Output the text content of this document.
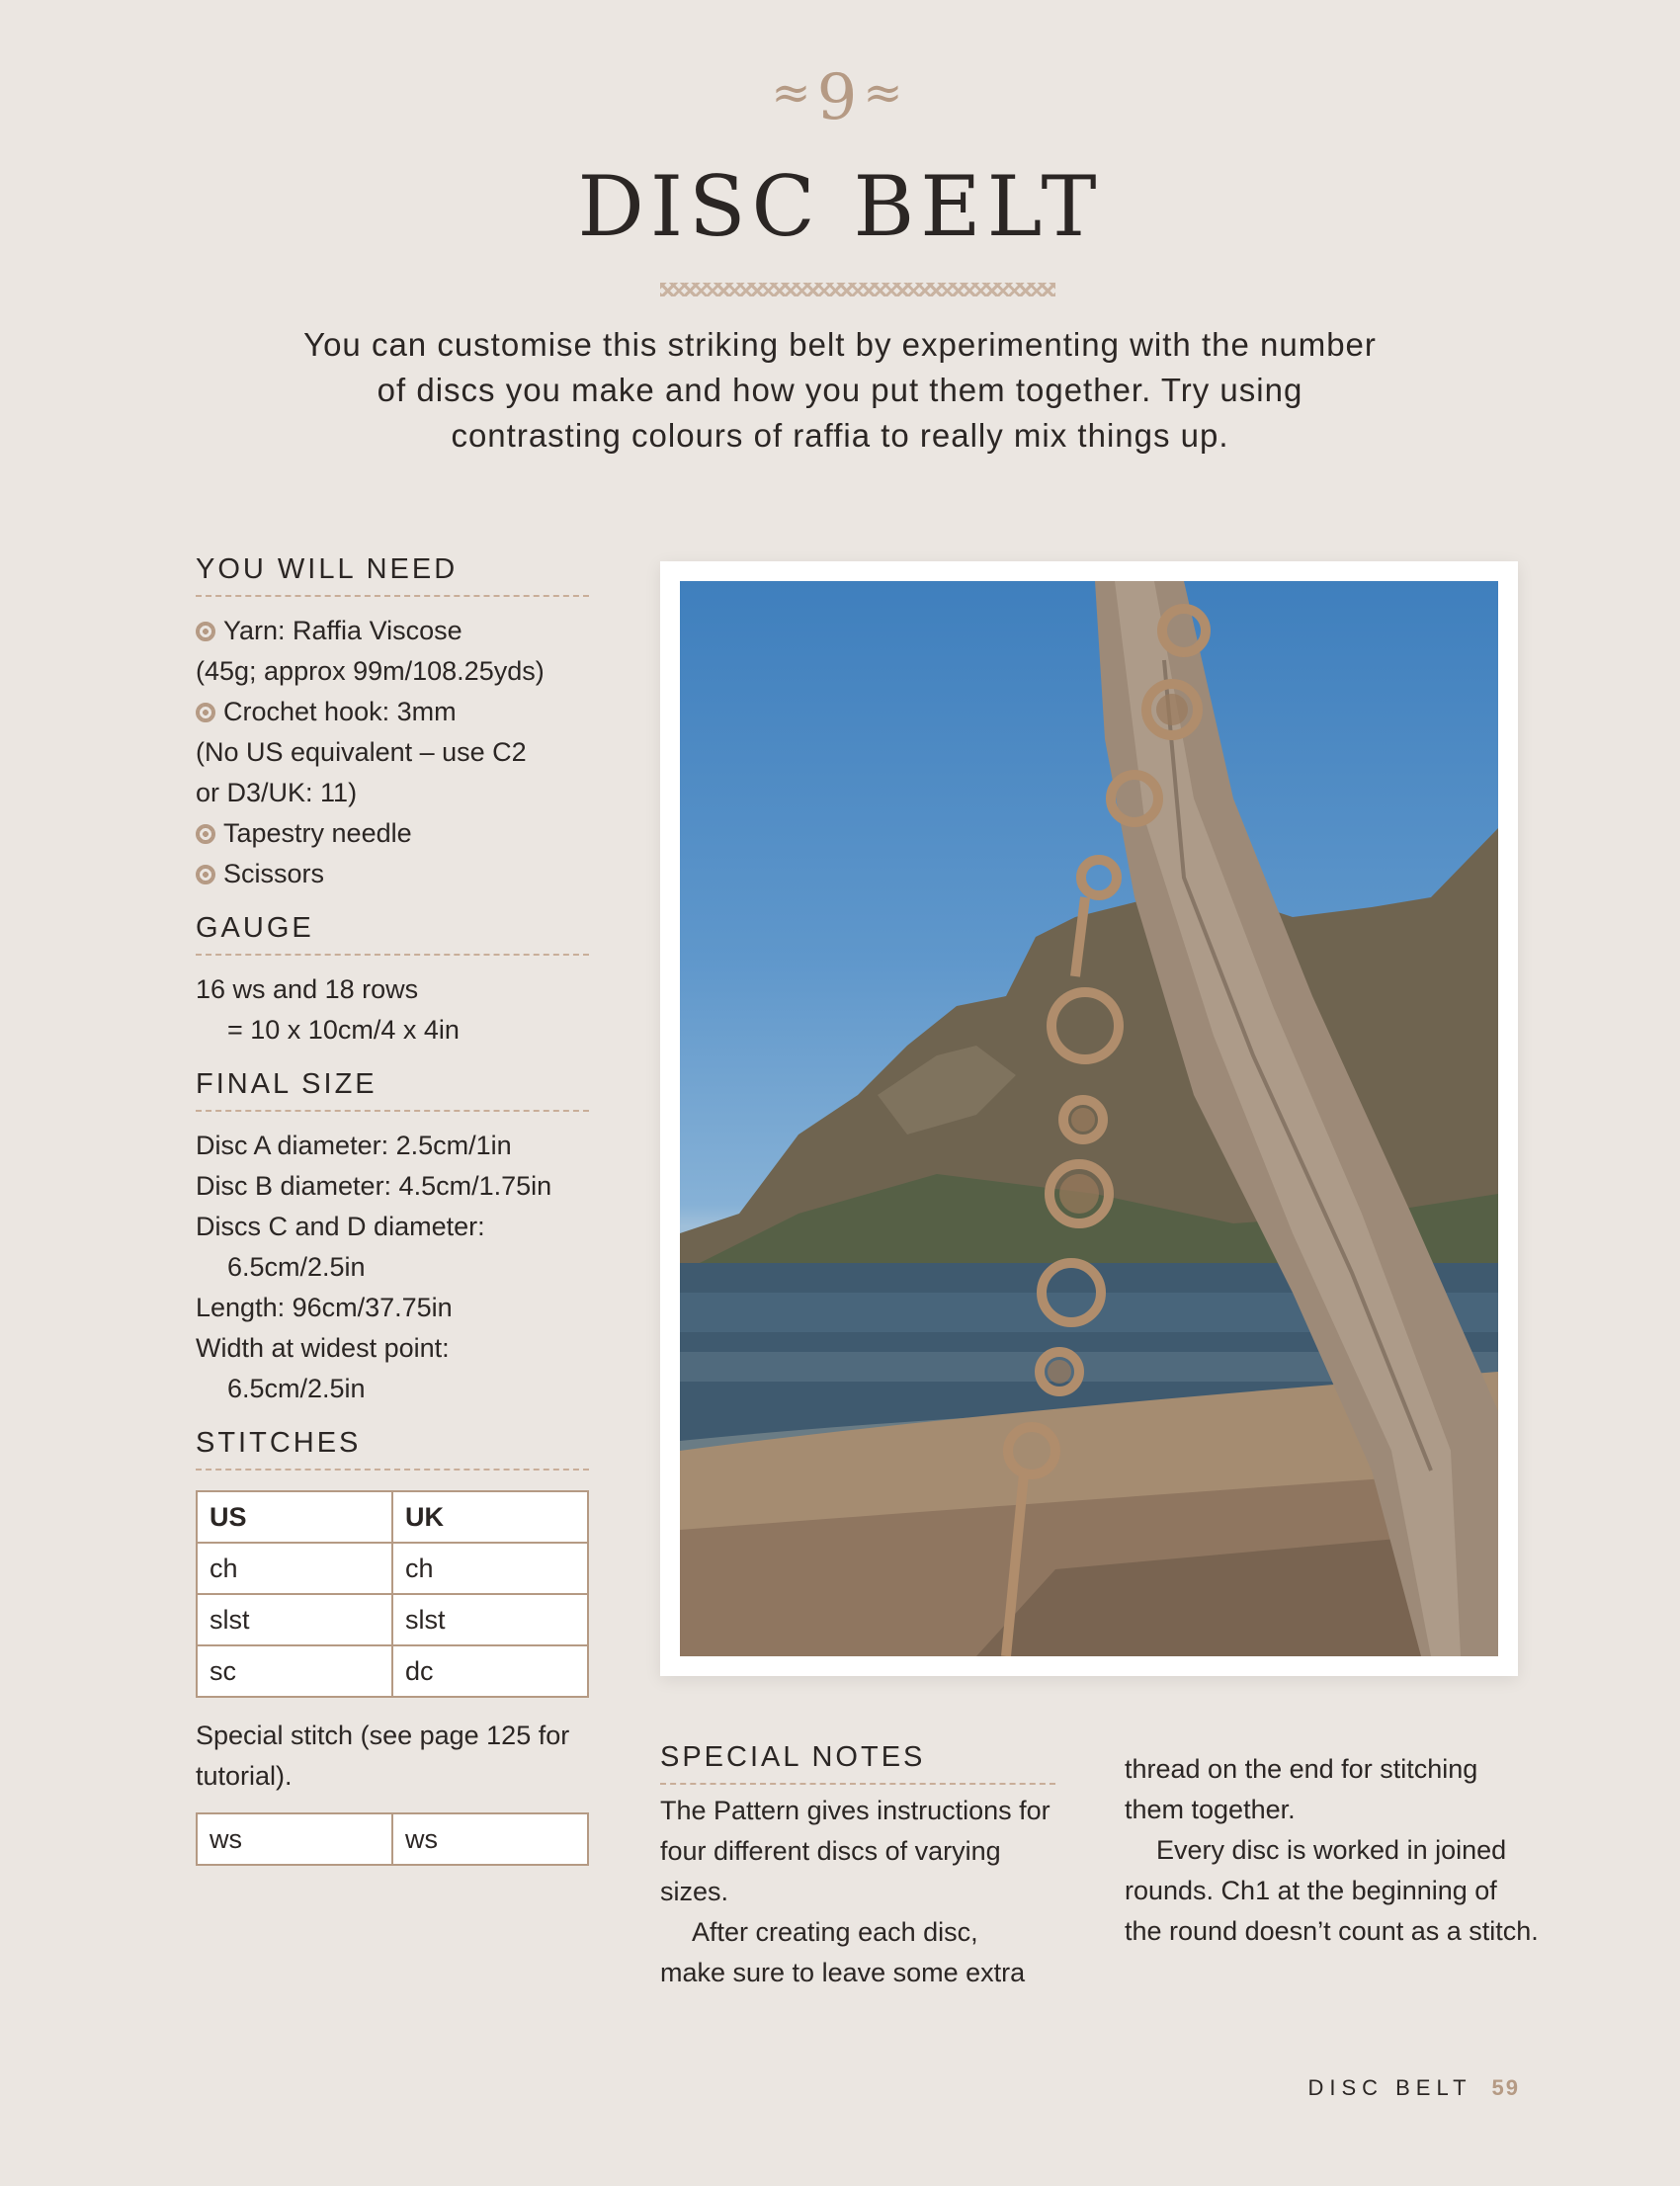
≈9≈
DISC BELT
You can customise this striking belt by experimenting with the number of discs you make and how you put them together. Try using contrasting colours of raffia to really mix things up.
YOU WILL NEED
Yarn: Raffia Viscose
(45g; approx 99m/108.25yds)
Crochet hook: 3mm
(No US equivalent – use C2
or D3/UK: 11)
Tapestry needle
Scissors
GAUGE
16 ws and 18 rows
= 10 x 10cm/4 x 4in
FINAL SIZE
Disc A diameter: 2.5cm/1in
Disc B diameter: 4.5cm/1.75in
Discs C and D diameter:
6.5cm/2.5in
Length: 96cm/37.75in
Width at widest point:
6.5cm/2.5in
STITCHES
US	UK
ch	ch
slst	slst
sc	dc
Special stitch (see page 125 for tutorial).
ws	ws
SPECIAL NOTES
The Pattern gives instructions for four different discs of varying sizes.
After creating each disc,
make sure to leave some extra
thread on the end for stitching them together.
Every disc is worked in joined rounds. Ch1 at the beginning of the round doesn’t count as a stitch.
DISC BELT 59
